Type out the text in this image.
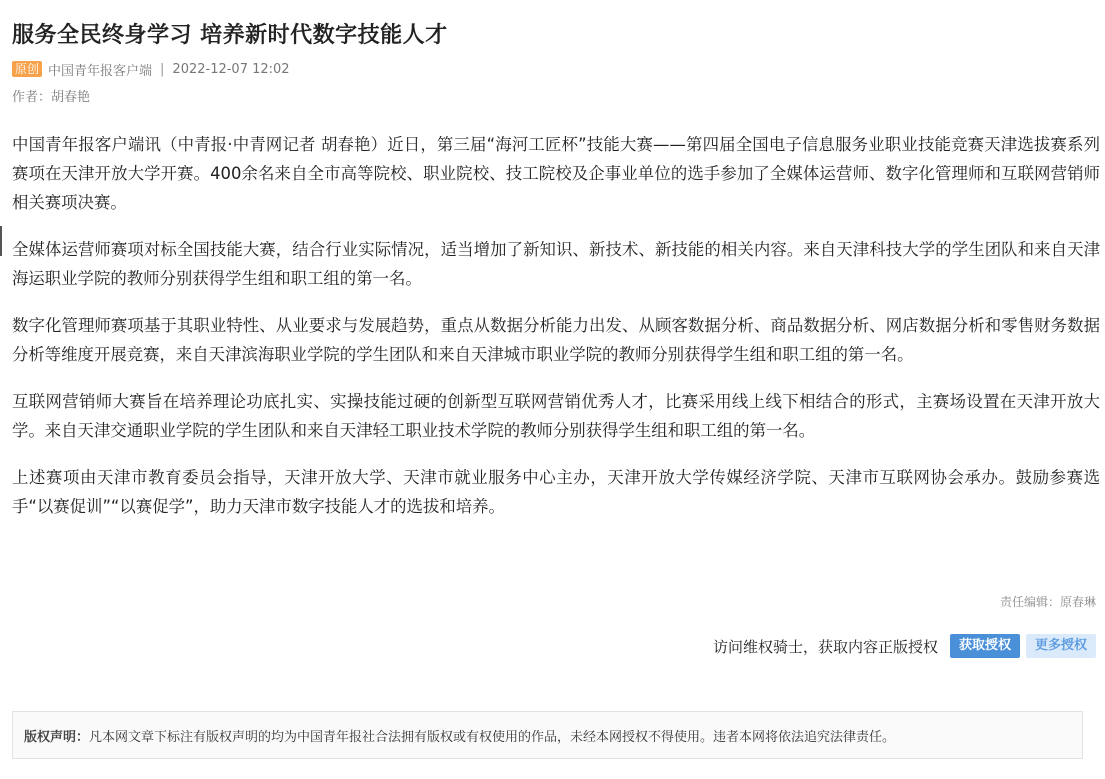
服务全民终身学习 培养新时代数字技能人才
原创 中国青年报客户端 | 2022-12-07 12:02
作者：胡春艳

中国青年报客户端讯（中青报·中青网记者 胡春艳）近日，第三届“海河工匠杯”技能大赛——第四届全国电子信息服务业职业技能竞赛天津选拔赛系列赛项在天津开放大学开赛。400余名来自全市高等院校、职业院校、技工院校及企事业单位的选手参加了全媒体运营师、数字化管理师和互联网营销师相关赛项决赛。

全媒体运营师赛项对标全国技能大赛，结合行业实际情况，适当增加了新知识、新技术、新技能的相关内容。来自天津科技大学的学生团队和来自天津海运职业学院的教师分别获得学生组和职工组的第一名。

数字化管理师赛项基于其职业特性、从业要求与发展趋势，重点从数据分析能力出发、从顾客数据分析、商品数据分析、网店数据分析和零售财务数据分析等维度开展竞赛，来自天津滨海职业学院的学生团队和来自天津城市职业学院的教师分别获得学生组和职工组的第一名。

互联网营销师大赛旨在培养理论功底扎实、实操技能过硬的创新型互联网营销优秀人才，比赛采用线上线下相结合的形式，主赛场设置在天津开放大学。来自天津交通职业学院的学生团队和来自天津轻工职业技术学院的教师分别获得学生组和职工组的第一名。

上述赛项由天津市教育委员会指导，天津开放大学、天津市就业服务中心主办，天津开放大学传媒经济学院、天津市互联网协会承办。鼓励参赛选手“以赛促训”“以赛促学”，助力天津市数字技能人才的选拔和培养。

责任编辑：原春琳
访问维权骑士，获取内容正版授权	获取授权	更多授权
版权声明： 凡本网文章下标注有版权声明的均为中国青年报社合法拥有版权或有权使用的作品，未经本网授权不得使用。违者本网将依法追究法律责任。
